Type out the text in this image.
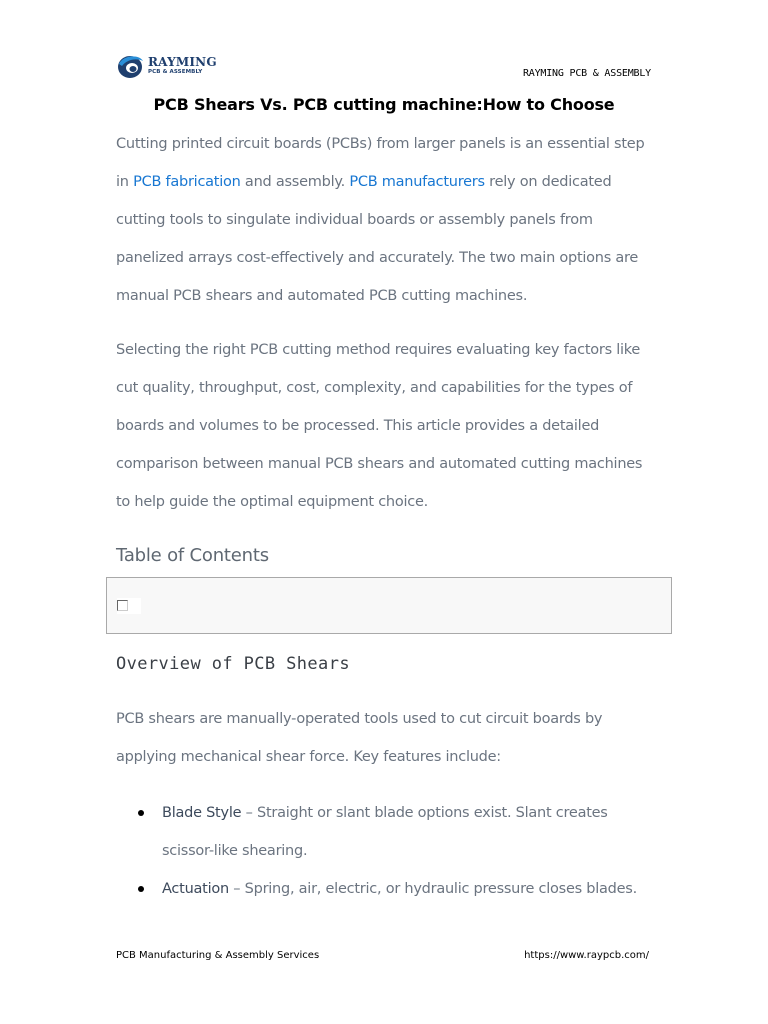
RAYMING
PCB & ASSEMBLY	RAYMING PCB & ASSEMBLY
PCB Shears Vs. PCB cutting machine:How to Choose
Cutting printed circuit boards (PCBs) from larger panels is an essential step in PCB fabrication and assembly. PCB manufacturers rely on dedicated cutting tools to singulate individual boards or assembly panels from panelized arrays cost-effectively and accurately. The two main options are manual PCB shears and automated PCB cutting machines.
Selecting the right PCB cutting method requires evaluating key factors like cut quality, throughput, cost, complexity, and capabilities for the types of boards and volumes to be processed. This article provides a detailed comparison between manual PCB shears and automated cutting machines to help guide the optimal equipment choice.
Table of Contents
Overview of PCB Shears
PCB shears are manually-operated tools used to cut circuit boards by applying mechanical shear force. Key features include:
Blade Style – Straight or slant blade options exist. Slant creates scissor-like shearing.
Actuation – Spring, air, electric, or hydraulic pressure closes blades.
PCB Manufacturing & Assembly Services	https://www.raypcb.com/
